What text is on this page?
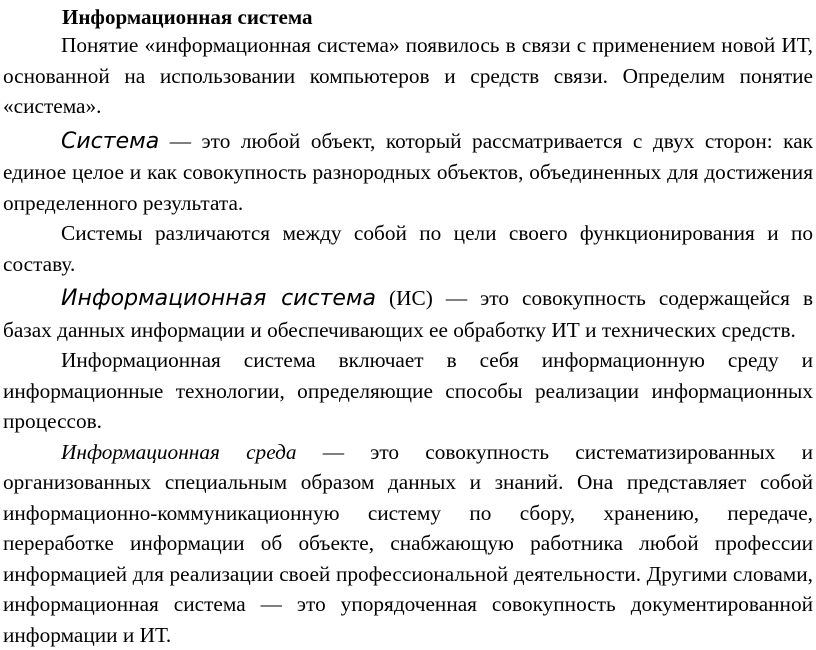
Информационная система

Понятие «информационная система» появилось в связи с применением новой ИТ, основанной на использовании компьютеров и средств связи. Определим понятие «система».

Система — это любой объект, который рассматривается с двух сторон: как единое целое и как совокупность разнородных объектов, объединенных для достижения определенного результата.

Системы различаются между собой по цели своего функционирования и по составу.

Информационная система (ИС) — это совокупность содержащейся в базах данных информации и обеспечивающих ее обработку ИТ и технических средств.

Информационная система включает в себя информационную среду и информационные технологии, определяющие способы реализации информационных процессов.

Информационная среда — это совокупность систематизированных и организованных специальным образом данных и знаний. Она представляет собой информационно-коммуникационную систему по сбору, хранению, передаче, переработке информации об объекте, снабжающую работника любой профессии информацией для реализации своей профессиональной деятельности. Другими словами, информационная система — это упорядоченная совокупность документированной информации и ИТ.
